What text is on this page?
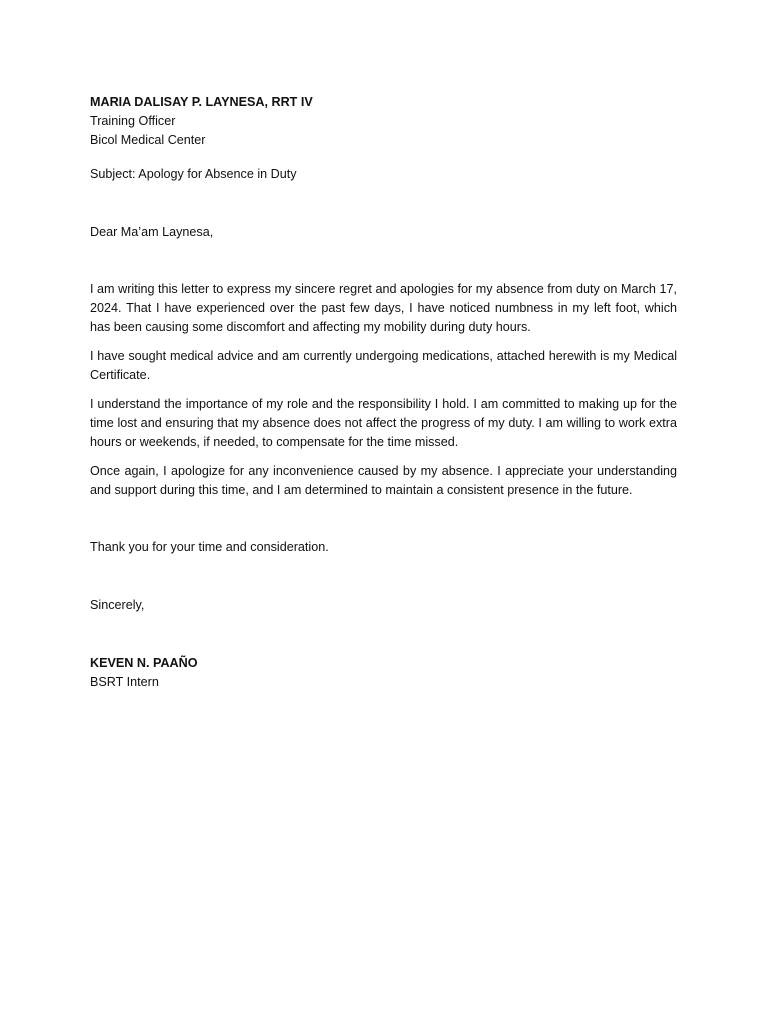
MARIA DALISAY P. LAYNESA, RRT IV
Training Officer
Bicol Medical Center
Subject: Apology for Absence in Duty
Dear Ma’am Laynesa,

I am writing this letter to express my sincere regret and apologies for my absence from duty on March 17, 2024. That I have experienced over the past few days, I have noticed numbness in my left foot, which has been causing some discomfort and affecting my mobility during duty hours.

I have sought medical advice and am currently undergoing medications, attached herewith is my Medical Certificate.

I understand the importance of my role and the responsibility I hold. I am committed to making up for the time lost and ensuring that my absence does not affect the progress of my duty. I am willing to work extra hours or weekends, if needed, to compensate for the time missed.

Once again, I apologize for any inconvenience caused by my absence. I appreciate your understanding and support during this time, and I am determined to maintain a consistent presence in the future.

Thank you for your time and consideration.
Sincerely,
KEVEN N. PAAÑO
BSRT Intern
